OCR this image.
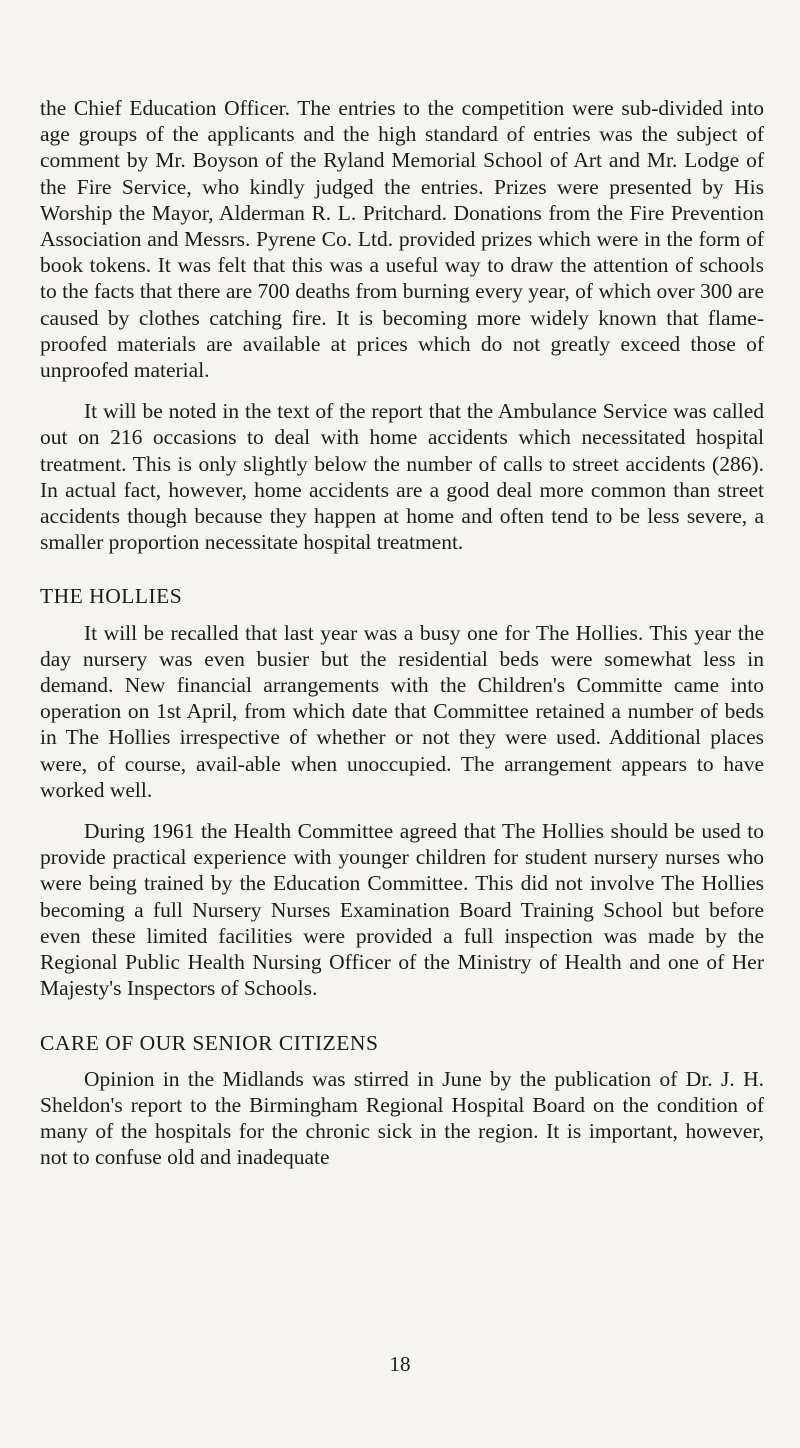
the Chief Education Officer. The entries to the competition were sub-divided into age groups of the applicants and the high standard of entries was the subject of comment by Mr. Boyson of the Ryland Memorial School of Art and Mr. Lodge of the Fire Service, who kindly judged the entries. Prizes were presented by His Worship the Mayor, Alderman R. L. Pritchard. Donations from the Fire Prevention Association and Messrs. Pyrene Co. Ltd. provided prizes which were in the form of book tokens. It was felt that this was a useful way to draw the attention of schools to the facts that there are 700 deaths from burning every year, of which over 300 are caused by clothes catching fire. It is becoming more widely known that flame-proofed materials are available at prices which do not greatly exceed those of unproofed material.

It will be noted in the text of the report that the Ambulance Service was called out on 216 occasions to deal with home accidents which necessitated hospital treatment. This is only slightly below the number of calls to street accidents (286). In actual fact, however, home accidents are a good deal more common than street accidents though because they happen at home and often tend to be less severe, a smaller proportion necessitate hospital treatment.

THE HOLLIES

It will be recalled that last year was a busy one for The Hollies. This year the day nursery was even busier but the residential beds were somewhat less in demand. New financial arrangements with the Children's Committe came into operation on 1st April, from which date that Committee retained a number of beds in The Hollies irrespective of whether or not they were used. Additional places were, of course, avail-able when unoccupied. The arrangement appears to have worked well.

During 1961 the Health Committee agreed that The Hollies should be used to provide practical experience with younger children for student nursery nurses who were being trained by the Education Committee. This did not involve The Hollies becoming a full Nursery Nurses Examination Board Training School but before even these limited facilities were provided a full inspection was made by the Regional Public Health Nursing Officer of the Ministry of Health and one of Her Majesty's Inspectors of Schools.

CARE OF OUR SENIOR CITIZENS

Opinion in the Midlands was stirred in June by the publication of Dr. J. H. Sheldon's report to the Birmingham Regional Hospital Board on the condition of many of the hospitals for the chronic sick in the region. It is important, however, not to confuse old and inadequate

18
